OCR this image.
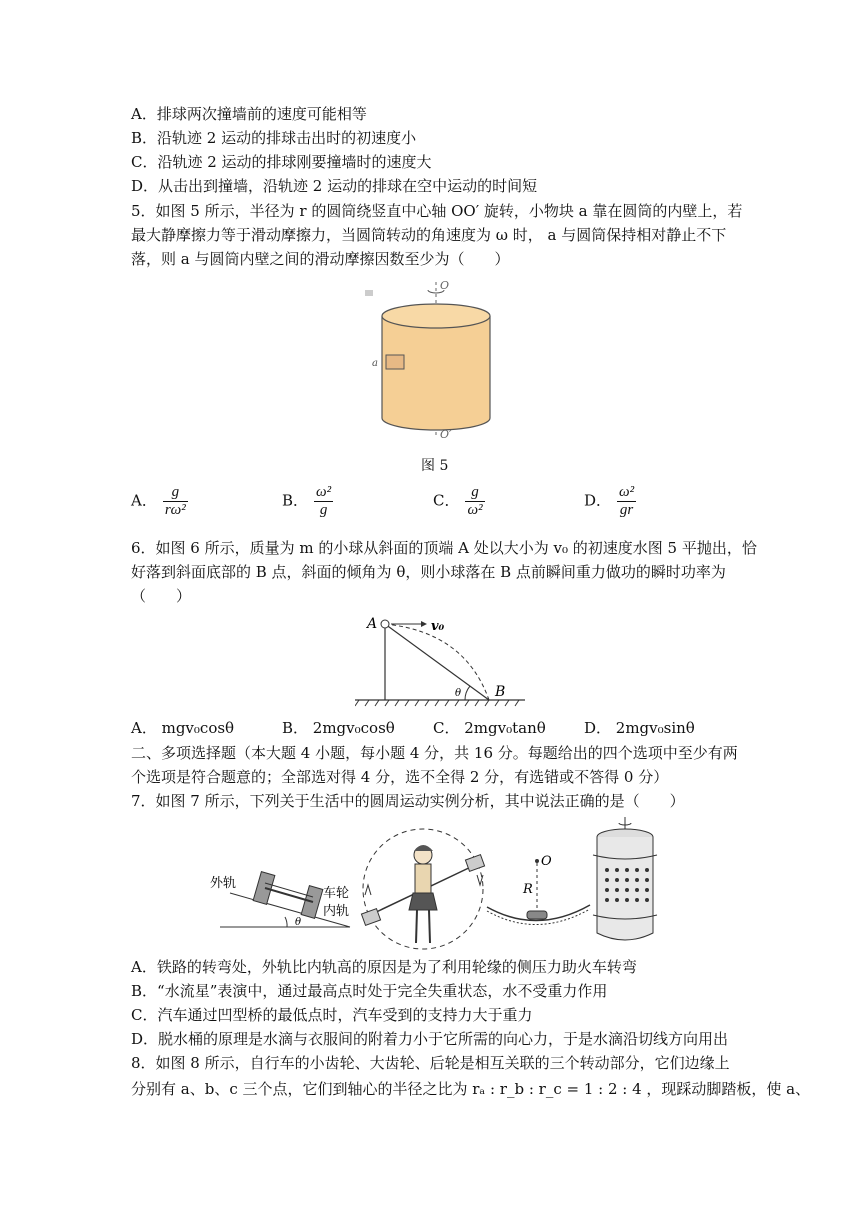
A．排球两次撞墙前的速度可能相等
B．沿轨迹 2 运动的排球击出时的初速度小
C．沿轨迹 2 运动的排球刚要撞墙时的速度大
D．从击出到撞墙，沿轨迹 2 运动的排球在空中运动的时间短
5．如图 5 所示，半径为 r 的圆筒绕竖直中心轴 OO′ 旋转，小物块 a 靠在圆筒的内壁上，若
最大静摩擦力等于滑动摩擦力，当圆筒转动的角速度为 ω 时， a 与圆筒保持相对静止不下
落，则 a 与圆筒内壁之间的滑动摩擦因数至少为（　　）
O
a
O′
图 5
A． $\frac{g}{\text{rω²}}$	B． $\frac{\text{ω²}}{g}$	C． $\frac{g}{\text{ω²}}$	D． $\frac{\text{ω²}}{gr}$
6．如图 6 所示，质量为 m 的小球从斜面的顶端 A 处以大小为 v₀ 的初速度水图 5 平抛出，恰
好落到斜面底部的 B 点，斜面的倾角为 θ，则小球落在 B 点前瞬间重力做功的瞬时功率为
（　　）
A	v₀
θ B
A． mgv₀cosθ	B． 2mgv₀cosθ	C． 2mgv₀tanθ	D． 2mgv₀sinθ
二、多项选择题（本大题 4 小题，每小题 4 分，共 16 分。每题给出的四个选项中至少有两
个选项是符合题意的；全部选对得 4 分，选不全得 2 分，有选错或不答得 0 分）
7．如图 7 所示，下列关于生活中的圆周运动实例分析，其中说法正确的是（　　）
外轨
车轮
内轨
θ
O
R
A．铁路的转弯处，外轨比内轨高的原因是为了利用轮缘的侧压力助火车转弯
B．“水流星”表演中，通过最高点时处于完全失重状态，水不受重力作用
C．汽车通过凹型桥的最低点时，汽车受到的支持力大于重力
D．脱水桶的原理是水滴与衣服间的附着力小于它所需的向心力，于是水滴沿切线方向用出
8．如图 8 所示，自行车的小齿轮、大齿轮、后轮是相互关联的三个转动部分，它们边缘上
分别有 a、b、c 三个点，它们到轴心的半径之比为 rₐ : r_b : r_c = 1 : 2 : 4 ，现踩动脚踏板，使 a、
